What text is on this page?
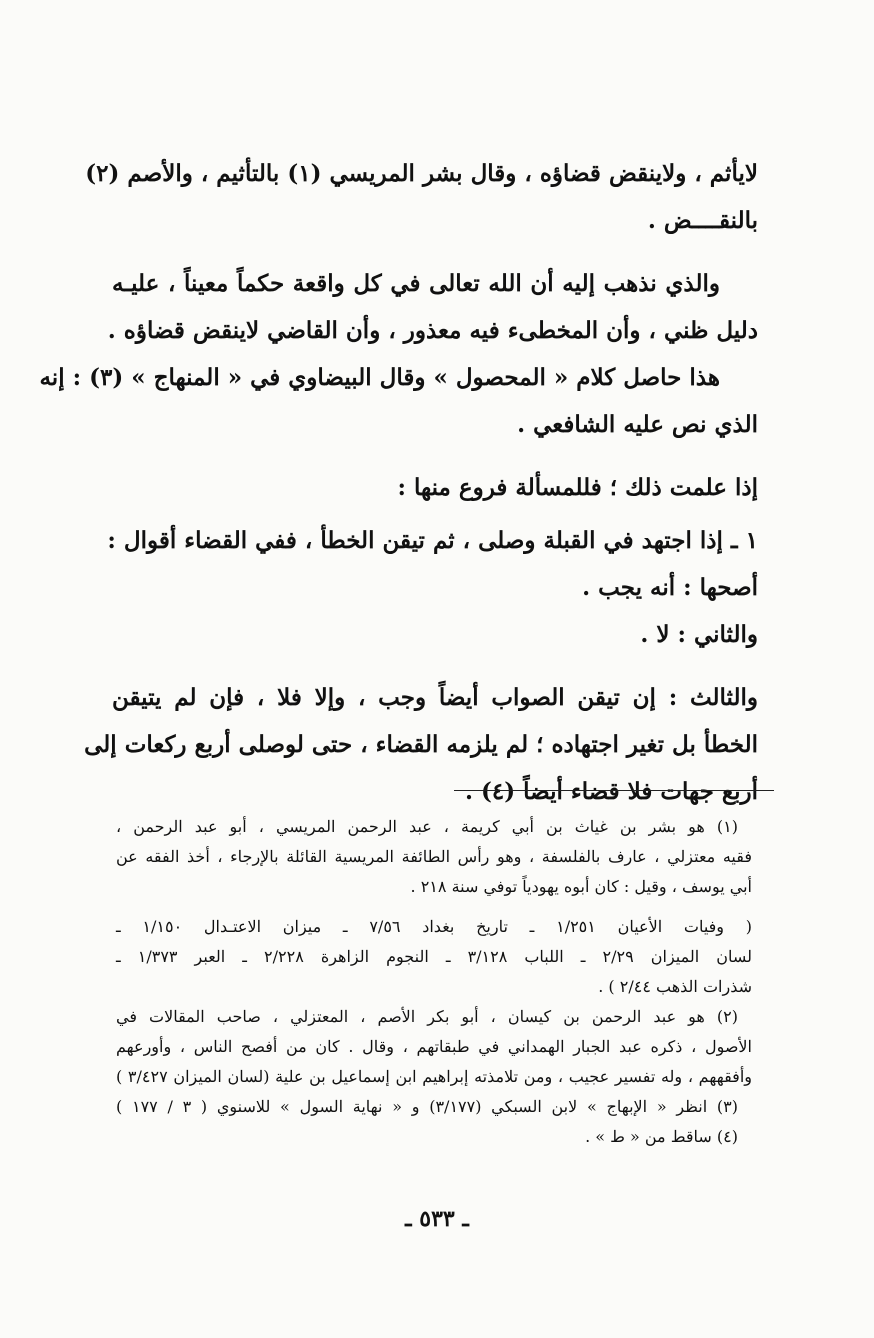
لايأثم ، ولاينقض قضاؤه ، وقال بشر المريسي (١) بالتأثيم ، والأصم (٢)
بالنقــــض .
والذي نذهب إليه أن الله تعالى في كل واقعة حكماً معيناً ، عليـه
دليل ظني ، وأن المخطىء فيه معذور ، وأن القاضي لاينقض قضاؤه .
هذا حاصل كلام « المحصول » وقال البيضاوي في « المنهاج » (٣) : إنه
الذي نص عليه الشافعي .
إذا علمت ذلك ؛ فللمسألة فروع منها :
١ ـ إذا اجتهد في القبلة وصلى ، ثم تيقن الخطأ ، ففي القضاء أقوال :
أصحها : أنه يجب .
والثاني : لا .
والثالث : إن تيقن الصواب أيضاً وجب ، وإلا فلا ، فإن لم يتيقن
الخطأ بل تغير اجتهاده ؛ لم يلزمه القضاء ، حتى لوصلى أربع ركعات إلى
أربع جهات فلا قضاء أيضاً (٤) .
(١) هو بشر بن غياث بن أبي كريمة ، عبد الرحمن المريسي ، أبو عبد الرحمن ،
فقيه معتزلي ، عارف بالفلسفة ، وهو رأس الطائفة المريسية القائلة بالإرجاء ، أخذ الفقه عن
أبي يوسف ، وقيل : كان أبوه يهودياً توفي سنة ٢١٨ .
( وفيات الأعيان ١/٢٥١ ـ تاريخ بغداد ٧/٥٦ ـ ميزان الاعتـدال ١/١٥٠ ـ
لسان الميزان ٢/٢٩ ـ اللباب ٣/١٢٨ ـ النجوم الزاهرة ٢/٢٢٨ ـ العبر ١/٣٧٣ ـ
شذرات الذهب ٢/٤٤ ) .
(٢) هو عبد الرحمن بن كيسان ، أبو بكر الأصم ، المعتزلي ، صاحب المقالات في
الأصول ، ذكره عبد الجبار الهمداني في طبقاتهم ، وقال . كان من أفصح الناس ، وأورعهم
وأفقههم ، وله تفسير عجيب ، ومن تلامذته إبراهيم ابن إسماعيل بن علية (لسان الميزان ٣/٤٢٧ )
(٣) انظر « الإبهاج » لابن السبكي (٣/١٧٧) و « نهاية السول » للاسنوي ( ٣ / ١٧٧ )
(٤) ساقط من « ط » .
ـ ٥٣٣ ـ
